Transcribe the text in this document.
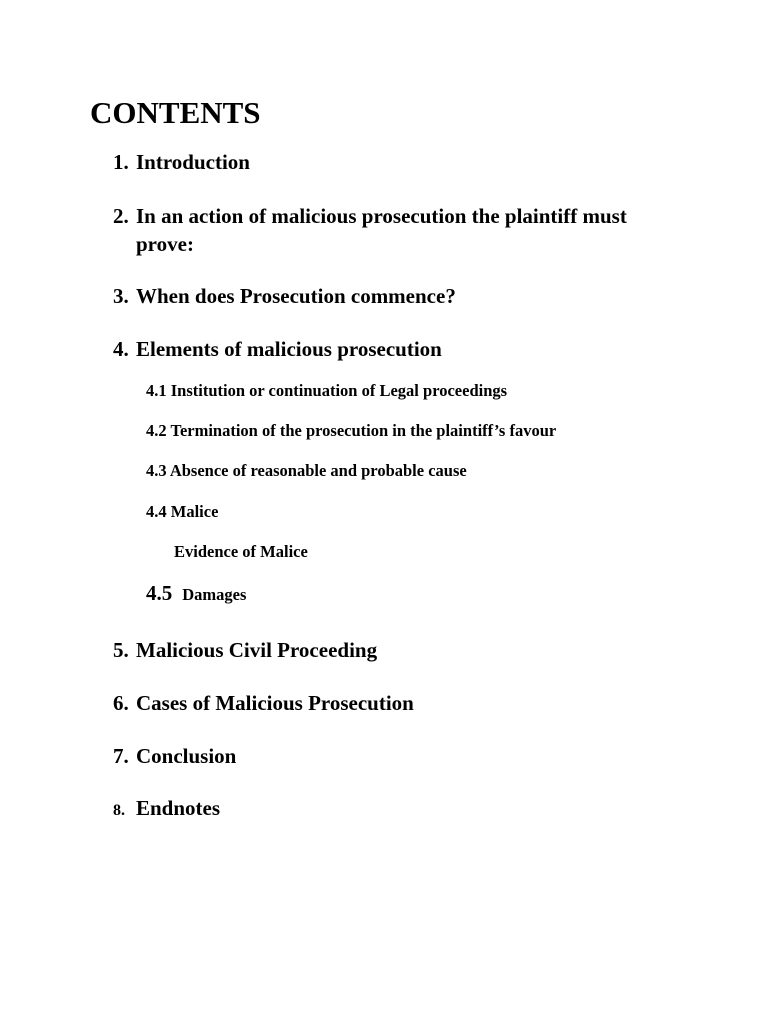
CONTENTS
1. Introduction
2. In an action of malicious prosecution the plaintiff must prove:
3. When does Prosecution commence?
4. Elements of malicious prosecution
4.1 Institution or continuation of Legal proceedings
4.2 Termination of the prosecution in the plaintiff’s favour
4.3 Absence of reasonable and probable cause
4.4 Malice
Evidence of Malice
4.5 Damages
5. Malicious Civil Proceeding
6. Cases of Malicious Prosecution
7. Conclusion
8. Endnotes
